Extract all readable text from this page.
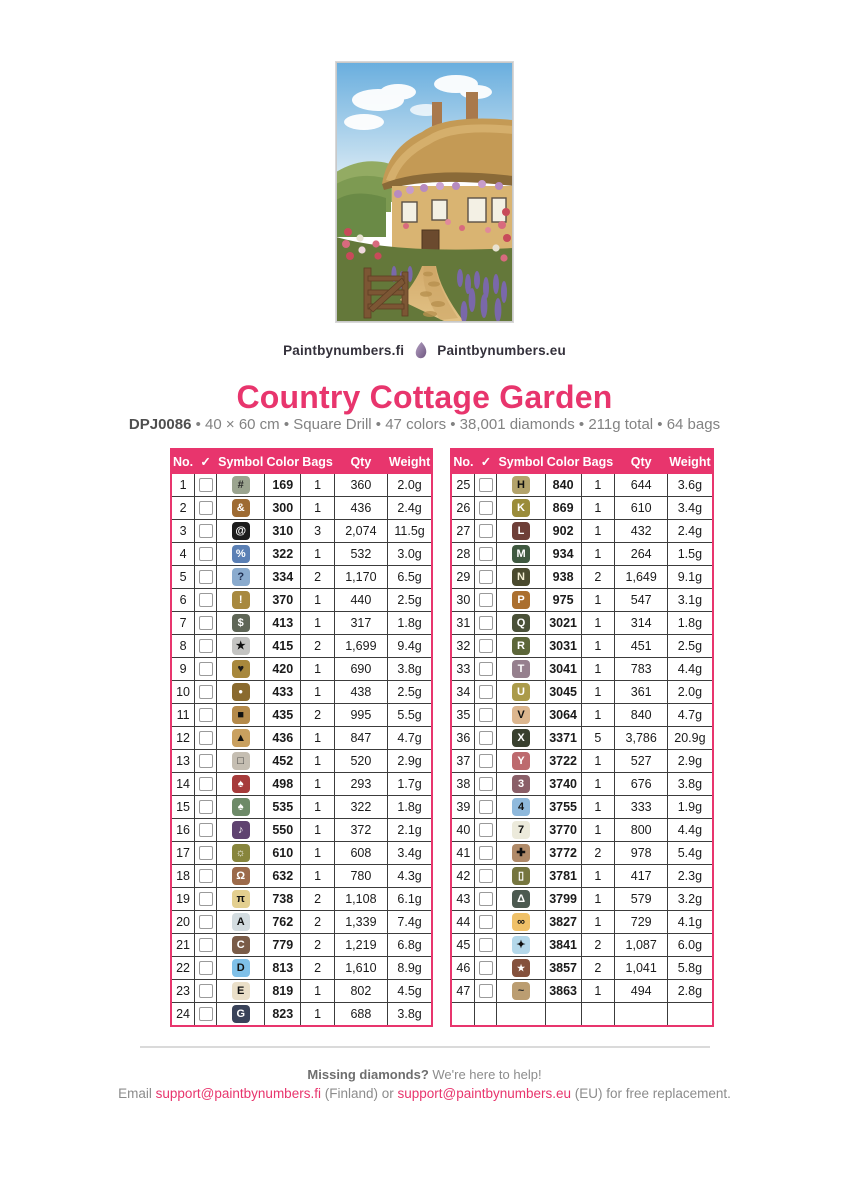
Paintbynumbers.fi Paintbynumbers.eu
Country Cottage Garden
DPJ0086 • 40 × 60 cm • Square Drill • 47 colors • 38,001 diamonds • 211g total • 64 bags
No.	✓	Symbol	Color	Bags	Qty	Weight
1		#	169	1	360	2.0g
2		&	300	1	436	2.4g
3		@	310	3	2,074	11.5g
4		%	322	1	532	3.0g
5		?	334	2	1,170	6.5g
6		!	370	1	440	2.5g
7		$	413	1	317	1.8g
8		★	415	2	1,699	9.4g
9		♥	420	1	690	3.8g
10		●	433	1	438	2.5g
11		■	435	2	995	5.5g
12		▲	436	1	847	4.7g
13		□	452	1	520	2.9g
14		♠	498	1	293	1.7g
15		♠	535	1	322	1.8g
16		♪	550	1	372	2.1g
17		☼	610	1	608	3.4g
18		Ω	632	1	780	4.3g
19		π	738	2	1,108	6.1g
20		A	762	2	1,339	7.4g
21		C	779	2	1,219	6.8g
22		D	813	2	1,610	8.9g
23		E	819	1	802	4.5g
24		G	823	1	688	3.8g
No.	✓	Symbol	Color	Bags	Qty	Weight
25		H	840	1	644	3.6g
26		K	869	1	610	3.4g
27		L	902	1	432	2.4g
28		M	934	1	264	1.5g
29		N	938	2	1,649	9.1g
30		P	975	1	547	3.1g
31		Q	3021	1	314	1.8g
32		R	3031	1	451	2.5g
33		T	3041	1	783	4.4g
34		U	3045	1	361	2.0g
35		V	3064	1	840	4.7g
36		X	3371	5	3,786	20.9g
37		Y	3722	1	527	2.9g
38		3	3740	1	676	3.8g
39		4	3755	1	333	1.9g
40		7	3770	1	800	4.4g
41		✚	3772	2	978	5.4g
42		▯	3781	1	417	2.3g
43		Δ	3799	1	579	3.2g
44		∞	3827	1	729	4.1g
45		✦	3841	2	1,087	6.0g
46		★	3857	2	1,041	5.8g
47		~	3863	1	494	2.8g

Missing diamonds? We're here to help!
Email support@paintbynumbers.fi (Finland) or support@paintbynumbers.eu (EU) for free replacement.
